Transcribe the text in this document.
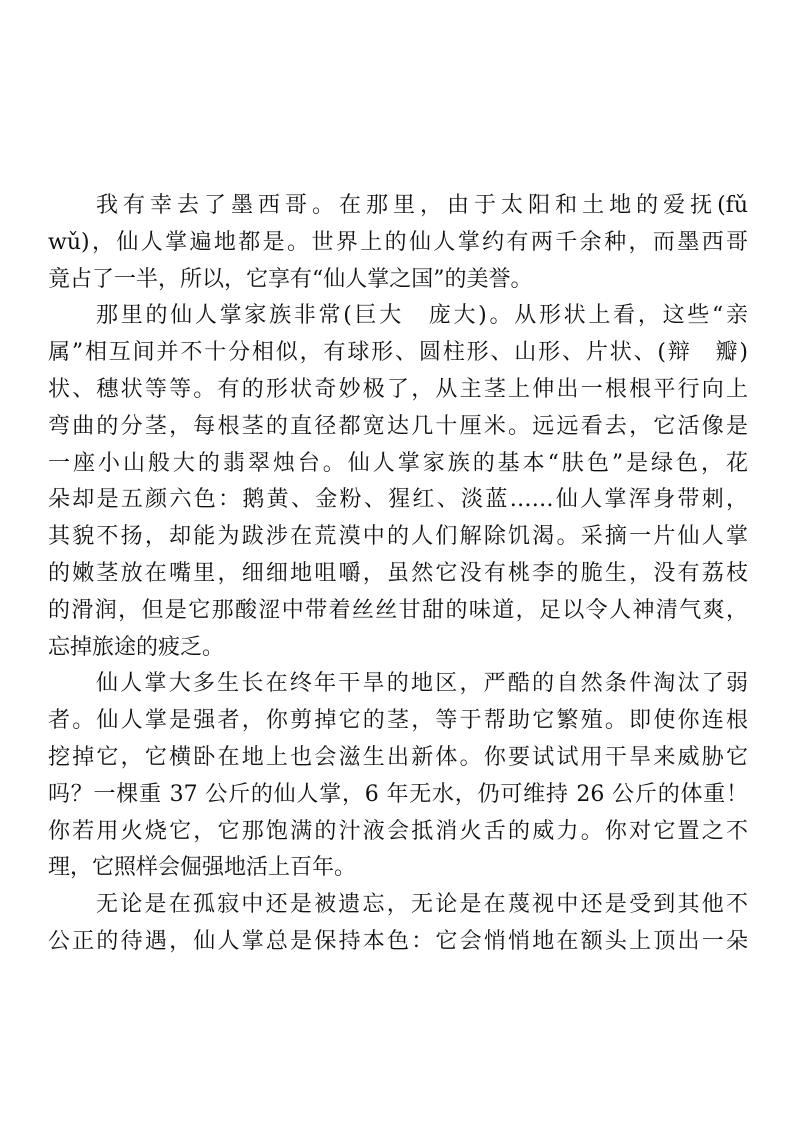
我有幸去了墨西哥。在那里，由于太阳和土地的爱抚(fǔ
wǔ)，仙人掌遍地都是。世界上的仙人掌约有两千余种，而墨西哥
竟占了一半，所以，它享有“仙人掌之国”的美誉。
那里的仙人掌家族非常(巨大　庞大)。从形状上看，这些“亲
属”相互间并不十分相似，有球形、圆柱形、山形、片状、(辩　瓣)
状、穗状等等。有的形状奇妙极了，从主茎上伸出一根根平行向上
弯曲的分茎，每根茎的直径都宽达几十厘米。远远看去，它活像是
一座小山般大的翡翠烛台。仙人掌家族的基本“肤色”是绿色，花
朵却是五颜六色：鹅黄、金粉、猩红、淡蓝……仙人掌浑身带刺，
其貌不扬，却能为跋涉在荒漠中的人们解除饥渴。采摘一片仙人掌
的嫩茎放在嘴里，细细地咀嚼，虽然它没有桃李的脆生，没有荔枝
的滑润，但是它那酸涩中带着丝丝甘甜的味道，足以令人神清气爽，
忘掉旅途的疲乏。
仙人掌大多生长在终年干旱的地区，严酷的自然条件淘汰了弱
者。仙人掌是强者，你剪掉它的茎，等于帮助它繁殖。即使你连根
挖掉它，它横卧在地上也会滋生出新体。你要试试用干旱来威胁它
吗？一棵重 37 公斤的仙人掌，6 年无水，仍可维持 26 公斤的体重！
你若用火烧它，它那饱满的汁液会抵消火舌的威力。你对它置之不
理，它照样会倔强地活上百年。
无论是在孤寂中还是被遗忘，无论是在蔑视中还是受到其他不
公正的待遇，仙人掌总是保持本色：它会悄悄地在额头上顶出一朵
